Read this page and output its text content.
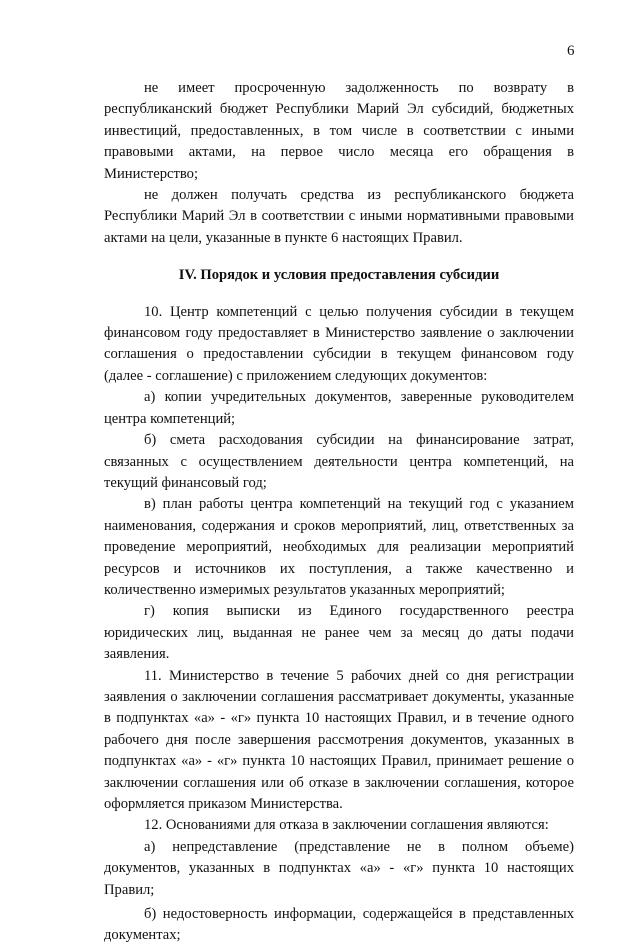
6

не имеет просроченную задолженность по возврату в республиканский бюджет Республики Марий Эл субсидий, бюджетных инвестиций, предоставленных, в том числе в соответствии с иными правовыми актами, на первое число месяца его обращения в Министерство;

не должен получать средства из республиканского бюджета Республики Марий Эл в соответствии с иными нормативными правовыми актами на цели, указанные в пункте 6 настоящих Правил.

IV. Порядок и условия предоставления субсидии

10. Центр компетенций с целью получения субсидии в текущем финансовом году предоставляет в Министерство заявление о заключении соглашения о предоставлении субсидии в текущем финансовом году (далее - соглашение) с приложением следующих документов:

а) копии учредительных документов, заверенные руководителем центра компетенций;

б) смета расходования субсидии на финансирование затрат, связанных с осуществлением деятельности центра компетенций, на текущий финансовый год;

в) план работы центра компетенций на текущий год с указанием наименования, содержания и сроков мероприятий, лиц, ответственных за проведение мероприятий, необходимых для реализации мероприятий ресурсов и источников их поступления, а также качественно и количественно измеримых результатов указанных мероприятий;

г) копия выписки из Единого государственного реестра юридических лиц, выданная не ранее чем за месяц до даты подачи заявления.

11. Министерство в течение 5 рабочих дней со дня регистрации заявления о заключении соглашения рассматривает документы, указанные в подпунктах «а» - «г» пункта 10 настоящих Правил, и в течение одного рабочего дня после завершения рассмотрения документов, указанных в подпунктах «а» - «г» пункта 10 настоящих Правил, принимает решение о заключении соглашения или об отказе в заключении соглашения, которое оформляется приказом Министерства.

12. Основаниями для отказа в заключении соглашения являются:

а) непредставление (представление не в полном объеме) документов, указанных в подпунктах «а» - «г» пункта 10 настоящих Правил;

б) недостоверность информации, содержащейся в представленных документах;
